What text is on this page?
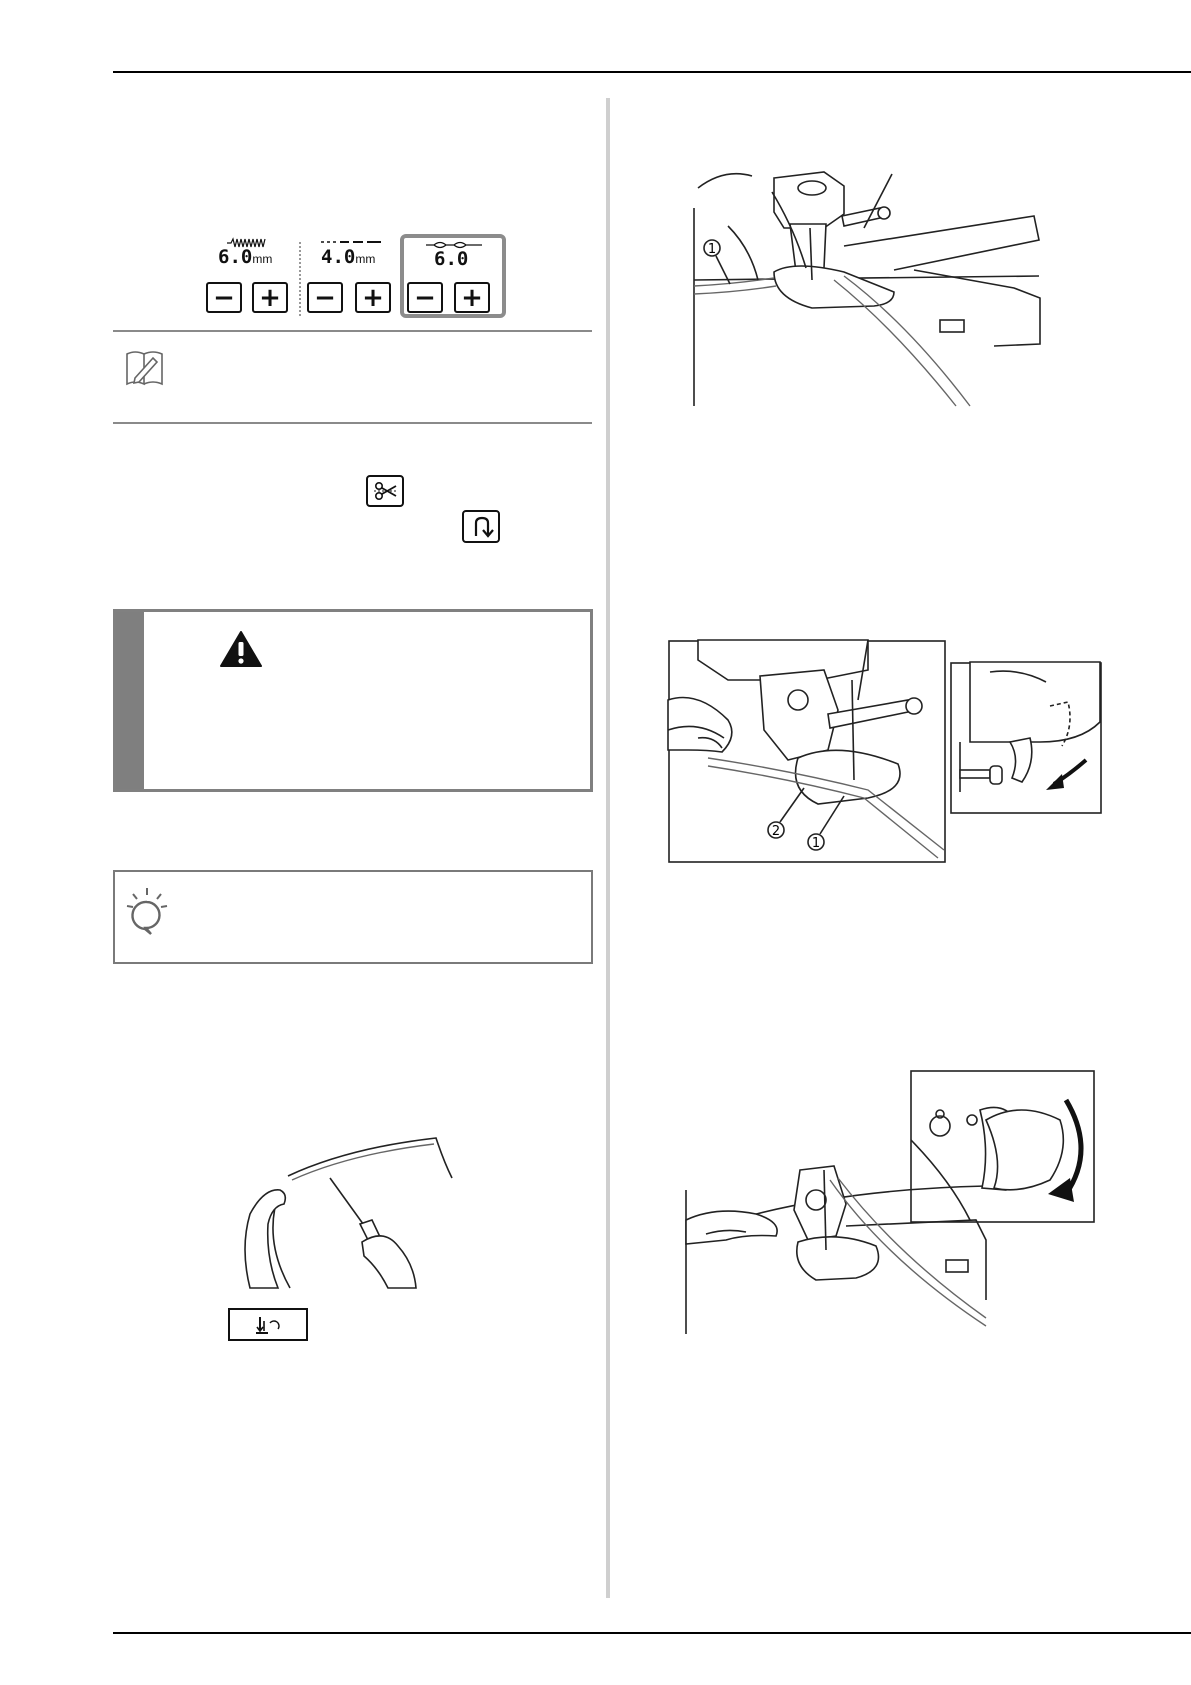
6.0mm
− +
4.0mm
− +
6.0
− +
1
2
1
